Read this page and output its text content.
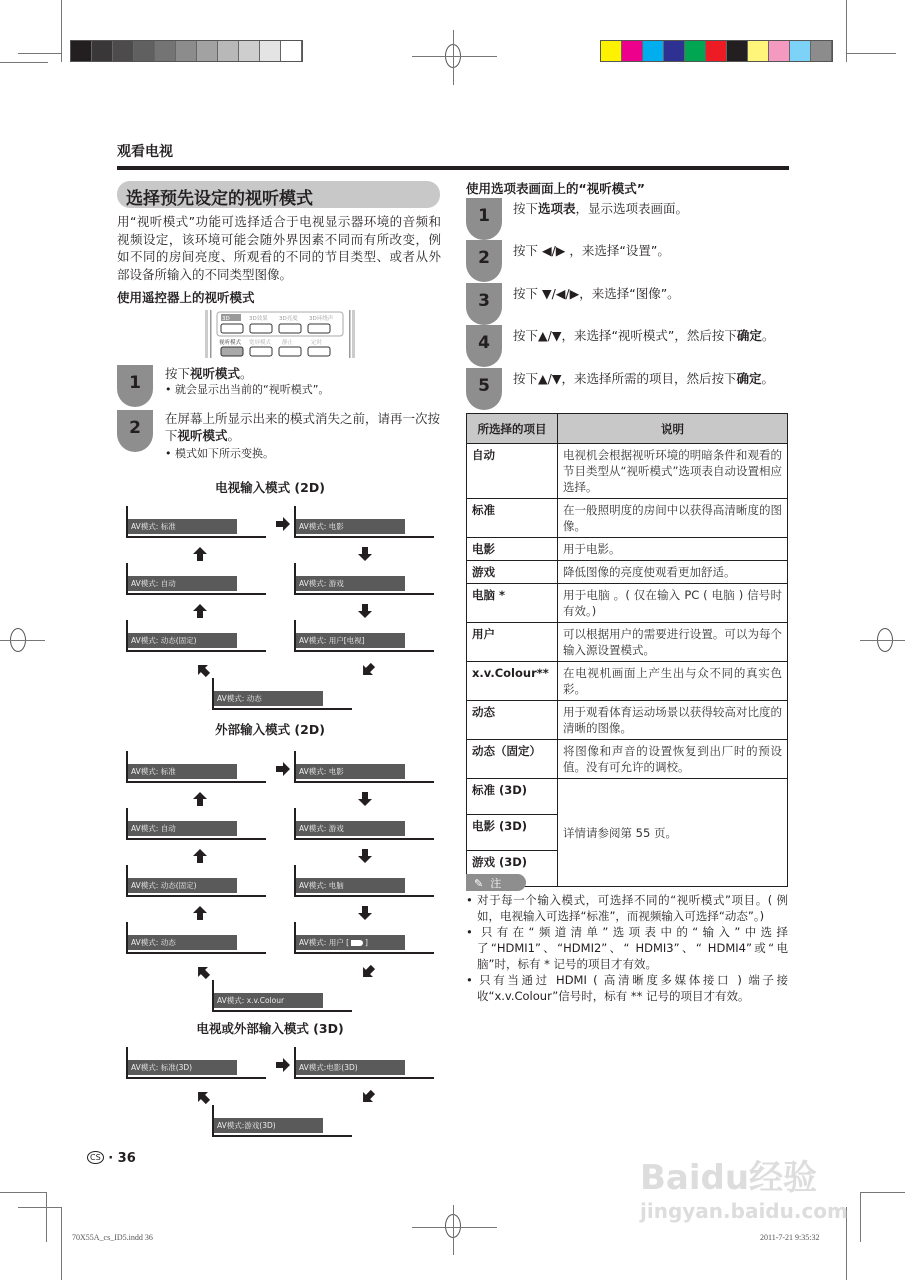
观看电视
选择预先设定的视听模式
用“视听模式”功能可选择适合于电视显示器环境的音频和视频设定，该环境可能会随外界因素不同而有所改变，例如不同的房间亮度、所观看的不同的节目类型、或者从外部设备所输入的不同类型图像。
使用遥控器上的视听模式
3D	3D效果 3D亮度 3D环绕声
视听模式 宽屏模式 静止	定时
1	按下视听模式。
• 就会显示出当前的“视听模式”。
2	在屏幕上所显示出来的模式消失之前，请再一次按下视听模式。
• 模式如下所示变换。
电视输入模式 (2D)
外部输入模式 (2D)
电视或外部输入模式 (3D)
AV模式: 标准
AV模式: 自动
AV模式: 动态(固定)
AV模式: 电影
AV模式: 游戏
AV模式: 用户[电视]
AV模式: 动态
AV模式: 标准
AV模式: 自动
AV模式: 动态(固定)
AV模式: 动态
AV模式: 电影
AV模式: 游戏
AV模式: 电脑
AV模式: 用户 [ ]
AV模式: x.v.Colour
AV模式: 标准(3D)	AV模式:电影(3D)
AV模式:游戏(3D)
使用选项表画面上的“视听模式”
1	按下选项表，显示选项表画面。
2	按下 ◀/▶ ，来选择“设置”。
3	按下 ▼/◀/▶，来选择“图像”。
4	按下▲/▼，来选择“视听模式”，然后按下确定。
5	按下▲/▼，来选择所需的项目，然后按下确定。
所选择的项目	说明
自动	电视机会根据视听环境的明暗条件和观看的节目类型从“视听模式”选项表自动设置相应选择。
标准	在一般照明度的房间中以获得高清晰度的图像。
电影	用于电影。
游戏	降低图像的亮度使观看更加舒适。
电脑 *	用于电脑 。( 仅在输入 PC ( 电脑 ) 信号时有效。)
用户	可以根据用户的需要进行设置。可以为每个输入源设置模式。
x.v.Colour**	在电视机画面上产生出与众不同的真实色彩。
动态	用于观看体育运动场景以获得较高对比度的清晰的图像。
动态（固定）	将图像和声音的设置恢复到出厂时的预设值。没有可允许的调校。
标准 (3D)	详情请参阅第 55 页。
电影 (3D)	
游戏 (3D)	
✎ 注
• 对于每一个输入模式，可选择不同的“视听模式”项目。( 例如，电视输入可选择“标准”，而视频输入可选择“动态”。)
• 只有在“频道清单”选项表中的“输入”中选择了“HDMI1”、“HDMI2”、“ HDMI3”、“ HDMI4”或“电脑”时，标有 * 记号的项目才有效。
• 只有当通过 HDMI ( 高清晰度多媒体接口 ) 端子接收“x.v.Colour”信号时，标有 ** 记号的项目才有效。
CS · 36
70X55A_cs_ID5.indd 36	2011-7-21 9:35:32
Baidu经验
jingyan.baidu.com
